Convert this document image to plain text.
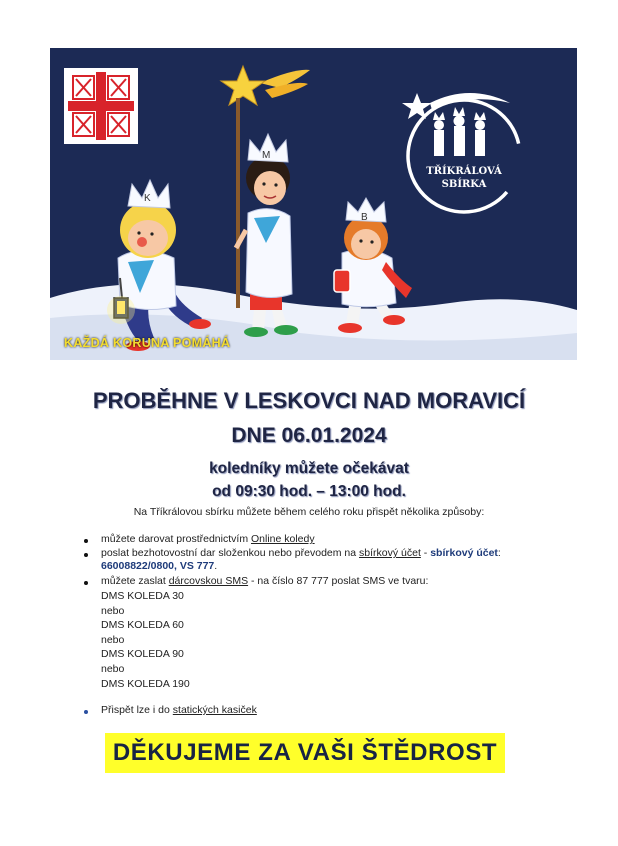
K
M
B
TŘÍKRÁLOVÁ
SBÍRKA
KAŽDÁ KORUNA POMÁHÁ
PROBĚHNE V LESKOVCI NAD MORAVICÍ
DNE 06.01.2024
koledníky můžete očekávat
od 09:30 hod. – 13:00 hod.
Na Tříkrálovou sbírku můžete během celého roku přispět několika způsoby:
můžete darovat prostřednictvím Online koledy
poslat bezhotovostní dar složenkou nebo převodem na sbírkový účet - sbírkový účet:
66008822/0800, VS 777.
můžete zaslat dárcovskou SMS - na číslo 87 777 poslat SMS ve tvaru:
DMS KOLEDA 30
nebo
DMS KOLEDA 60
nebo
DMS KOLEDA 90
nebo
DMS KOLEDA 190
Přispět lze i do statických kasiček
DĚKUJEME ZA VAŠI ŠTĚDROST
